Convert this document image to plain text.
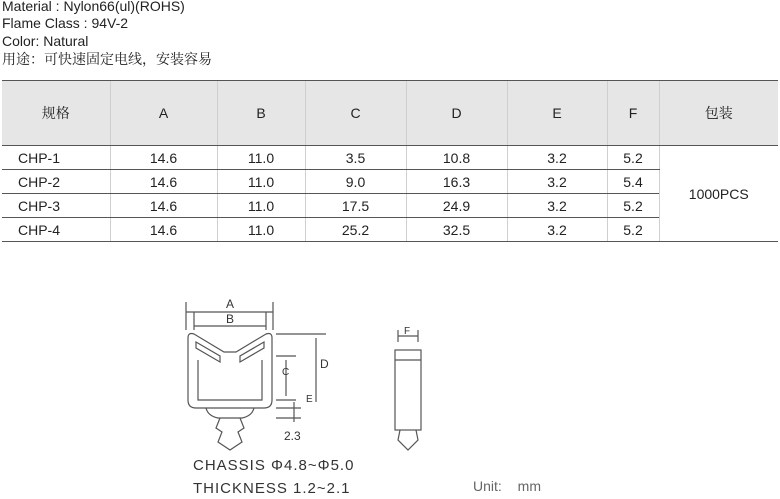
Material : Nylon66(ul)(ROHS)
Flame Class : 94V-2
Color: Natural
用途：可快速固定电线，安装容易
规格	A	B	C	D	E	F	包装
CHP-1	14.6	11.0	3.5	10.8	3.2	5.2	1000PCS
CHP-2	14.6	11.0	9.0	16.3	3.2	5.4	
CHP-3	14.6	11.0	17.5	24.9	3.2	5.2	
CHP-4	14.6	11.0	25.2	32.5	3.2	5.2	
A
B
C
D
E
F
2.3
CHASSIS Φ4.8~Φ5.0
THICKNESS 1.2~2.1	Unit: mm
